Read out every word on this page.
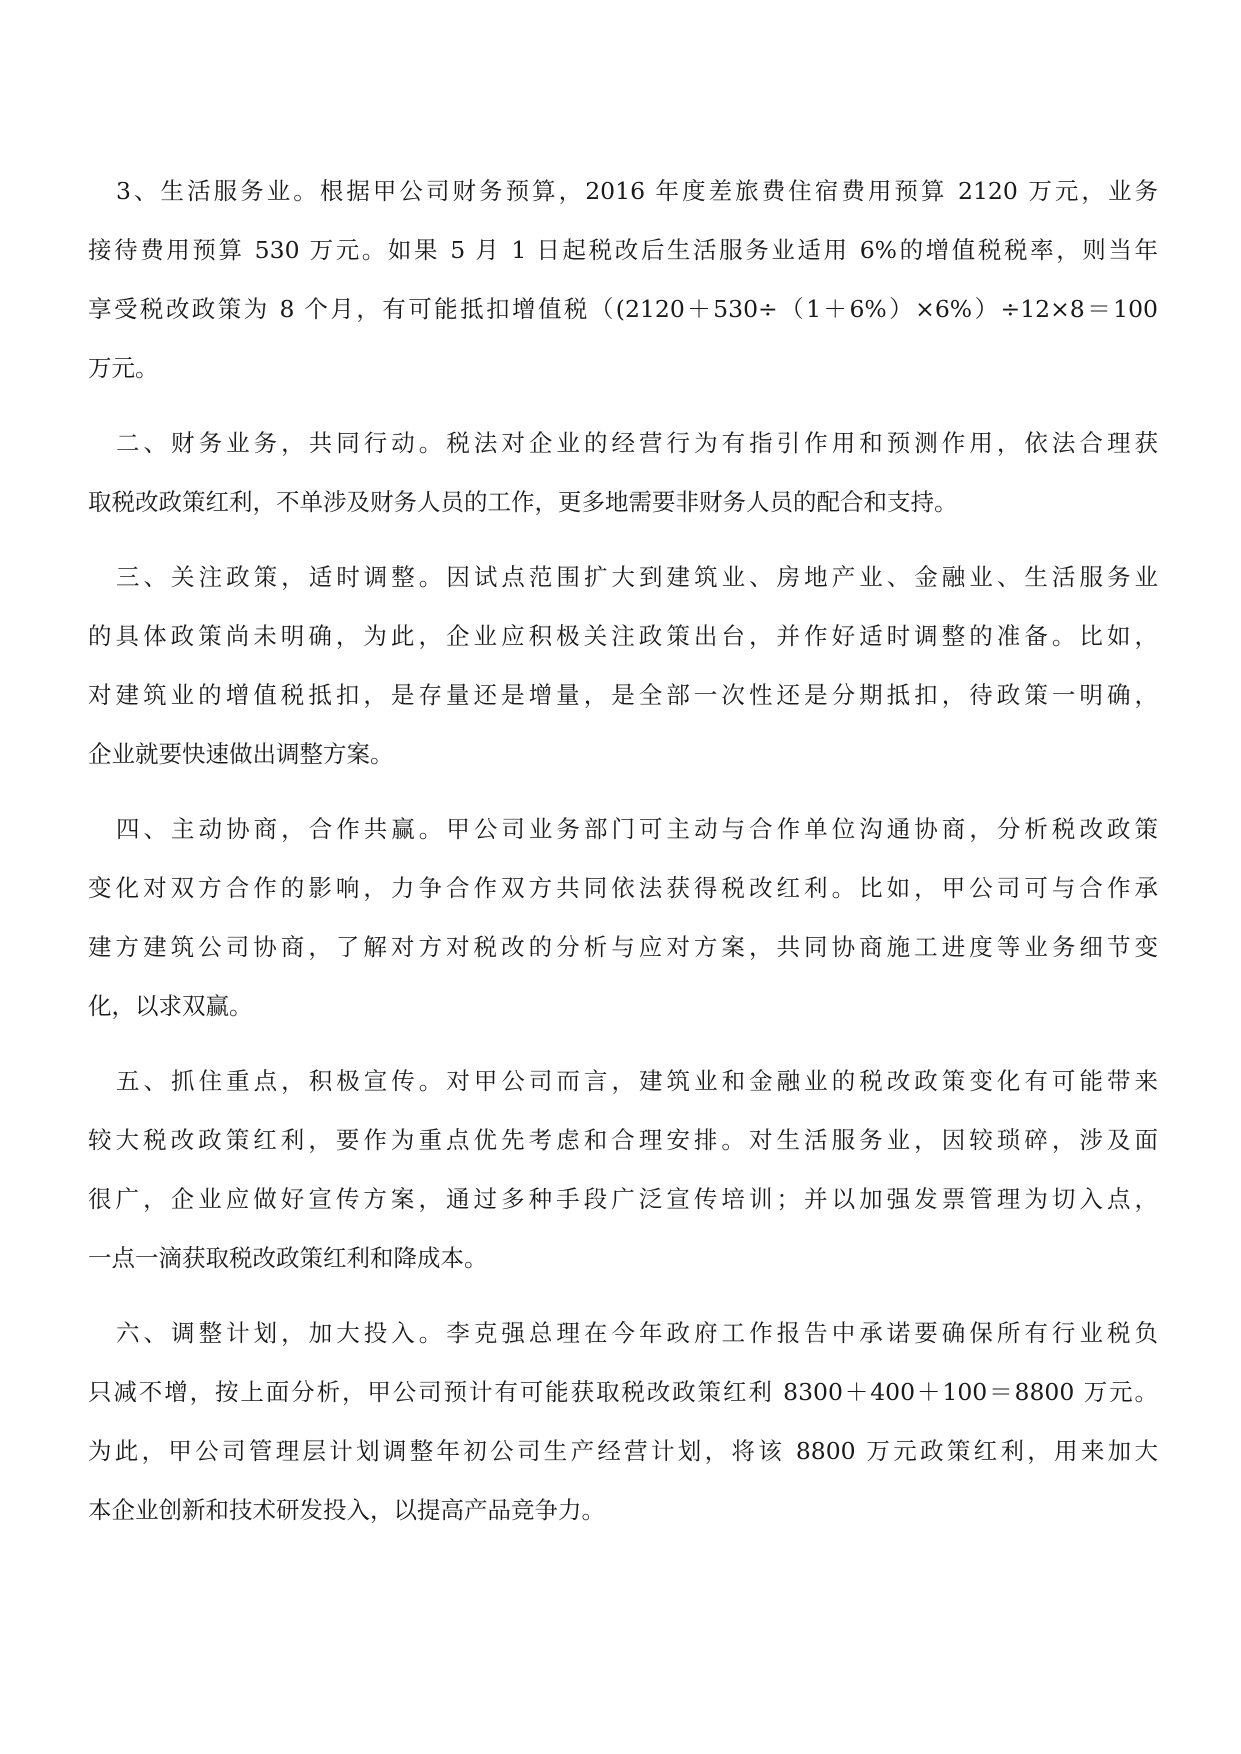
3、生活服务业。根据甲公司财务预算，2016 年度差旅费住宿费用预算 2120 万元，业务
接待费用预算 530 万元。如果 5 月 1 日起税改后生活服务业适用 6%的增值税税率，则当年
享受税改政策为 8 个月，有可能抵扣增值税（(2120＋530÷（1＋6%）×6%）÷12×8＝100
万元。
二、财务业务，共同行动。税法对企业的经营行为有指引作用和预测作用，依法合理获
取税改政策红利，不单涉及财务人员的工作，更多地需要非财务人员的配合和支持。
三、关注政策，适时调整。因试点范围扩大到建筑业、房地产业、金融业、生活服务业
的具体政策尚未明确，为此，企业应积极关注政策出台，并作好适时调整的准备。比如，
对建筑业的增值税抵扣，是存量还是增量，是全部一次性还是分期抵扣，待政策一明确，
企业就要快速做出调整方案。
四、主动协商，合作共赢。甲公司业务部门可主动与合作单位沟通协商，分析税改政策
变化对双方合作的影响，力争合作双方共同依法获得税改红利。比如，甲公司可与合作承
建方建筑公司协商，了解对方对税改的分析与应对方案，共同协商施工进度等业务细节变
化，以求双赢。
五、抓住重点，积极宣传。对甲公司而言，建筑业和金融业的税改政策变化有可能带来
较大税改政策红利，要作为重点优先考虑和合理安排。对生活服务业，因较琐碎，涉及面
很广，企业应做好宣传方案，通过多种手段广泛宣传培训；并以加强发票管理为切入点，
一点一滴获取税改政策红利和降成本。
六、调整计划，加大投入。李克强总理在今年政府工作报告中承诺要确保所有行业税负
只减不增，按上面分析，甲公司预计有可能获取税改政策红利 8300＋400＋100＝8800 万元。
为此，甲公司管理层计划调整年初公司生产经营计划，将该 8800 万元政策红利，用来加大
本企业创新和技术研发投入，以提高产品竞争力。
